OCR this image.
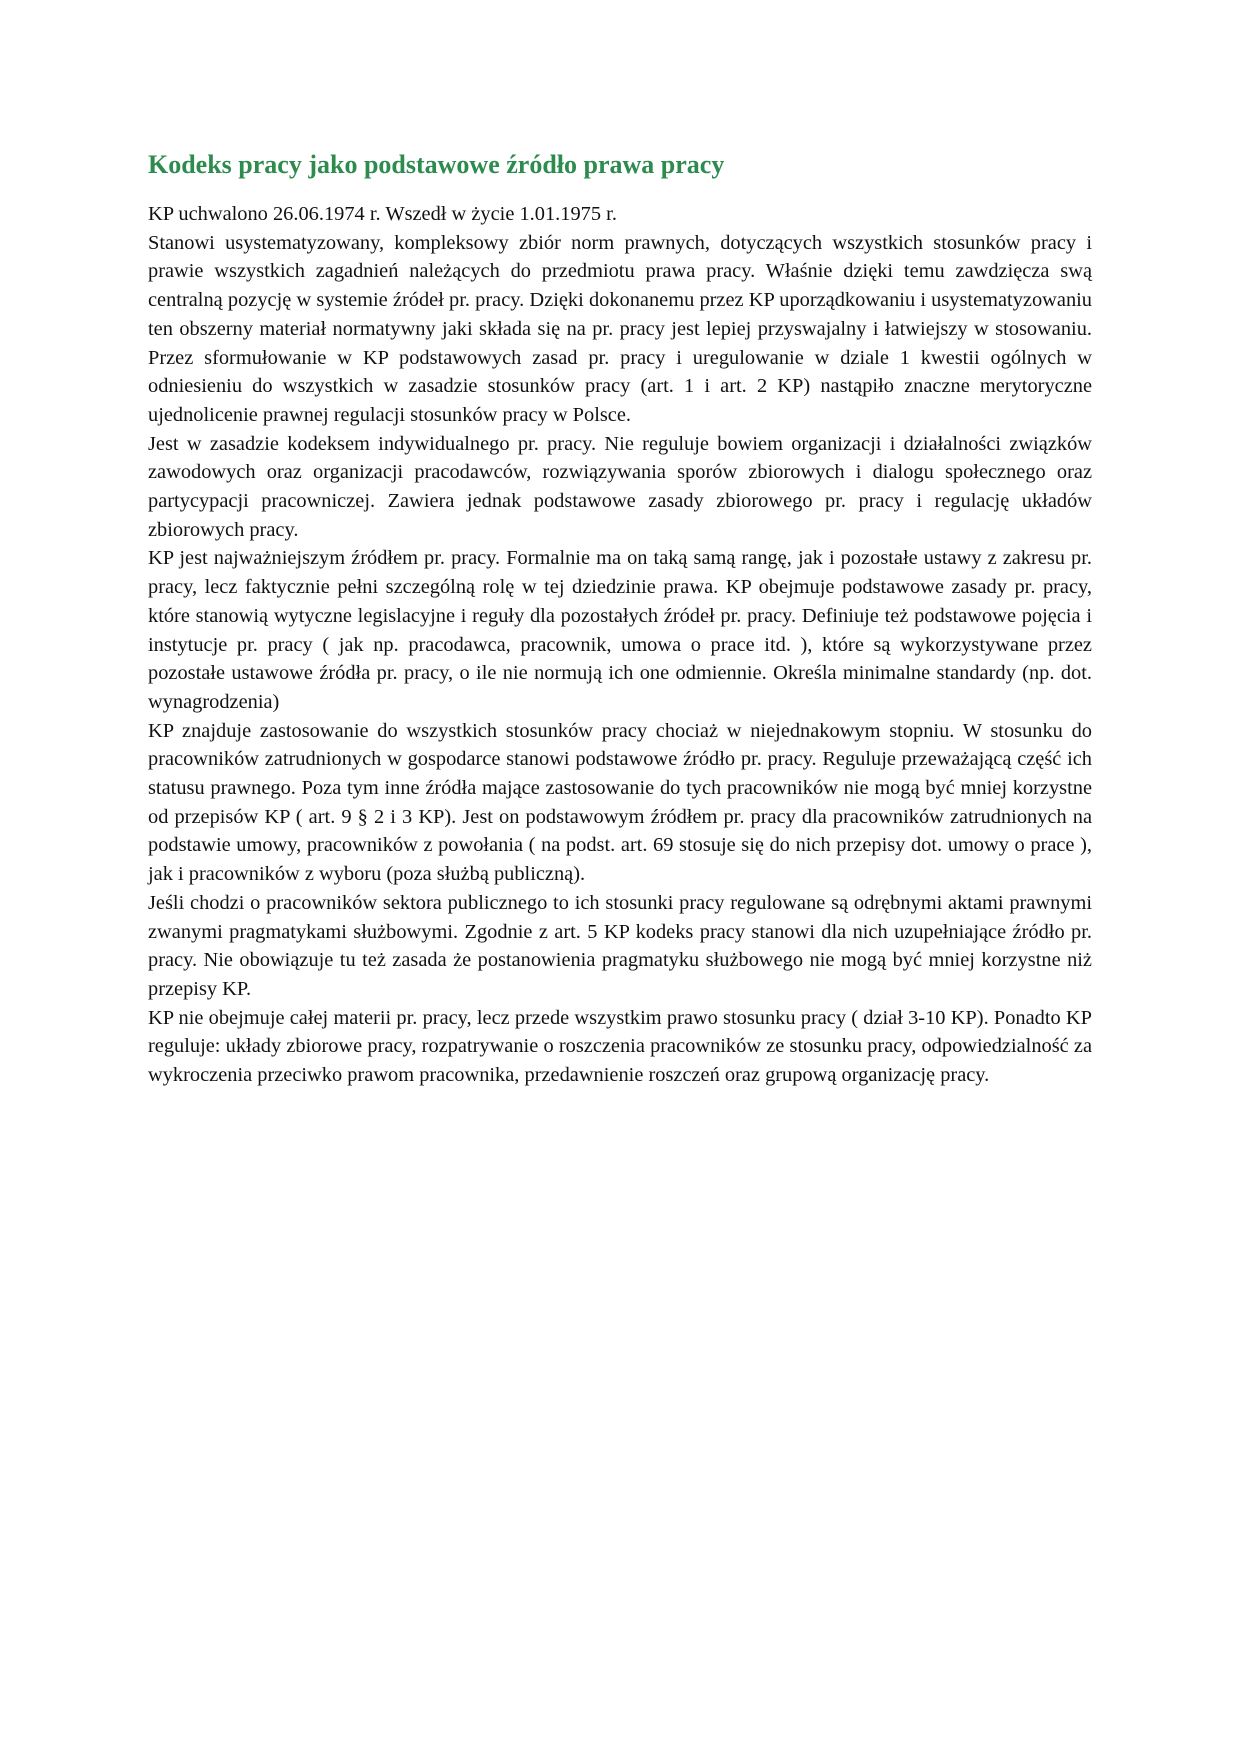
Kodeks pracy jako podstawowe źródło prawa pracy

KP uchwalono 26.06.1974 r. Wszedł w życie 1.01.1975 r.

Stanowi usystematyzowany, kompleksowy zbiór norm prawnych, dotyczących wszystkich stosunków pracy i prawie wszystkich zagadnień należących do przedmiotu prawa pracy. Właśnie dzięki temu zawdzięcza swą centralną pozycję w systemie źródeł pr. pracy. Dzięki dokonanemu przez KP uporządkowaniu i usystematyzowaniu ten obszerny materiał normatywny jaki składa się na pr. pracy jest lepiej przyswajalny i łatwiejszy w stosowaniu. Przez sformułowanie w KP podstawowych zasad pr. pracy i uregulowanie w dziale 1 kwestii ogólnych w odniesieniu do wszystkich w zasadzie stosunków pracy (art. 1 i art. 2 KP) nastąpiło znaczne merytoryczne ujednolicenie prawnej regulacji stosunków pracy w Polsce.

Jest w zasadzie kodeksem indywidualnego pr. pracy. Nie reguluje bowiem organizacji i działalności związków zawodowych oraz organizacji pracodawców, rozwiązywania sporów zbiorowych i dialogu społecznego oraz partycypacji pracowniczej. Zawiera jednak podstawowe zasady zbiorowego pr. pracy i regulację układów zbiorowych pracy.

KP jest najważniejszym źródłem pr. pracy. Formalnie ma on taką samą rangę, jak i pozostałe ustawy z zakresu pr. pracy, lecz faktycznie pełni szczególną rolę w tej dziedzinie prawa. KP obejmuje podstawowe zasady pr. pracy, które stanowią wytyczne legislacyjne i reguły dla pozostałych źródeł pr. pracy. Definiuje też podstawowe pojęcia i instytucje pr. pracy ( jak np. pracodawca, pracownik, umowa o prace itd. ), które są wykorzystywane przez pozostałe ustawowe źródła pr. pracy, o ile nie normują ich one odmiennie. Określa minimalne standardy (np. dot. wynagrodzenia)

KP znajduje zastosowanie do wszystkich stosunków pracy chociaż w niejednakowym stopniu. W stosunku do pracowników zatrudnionych w gospodarce stanowi podstawowe źródło pr. pracy. Reguluje przeważającą część ich statusu prawnego. Poza tym inne źródła mające zastosowanie do tych pracowników nie mogą być mniej korzystne od przepisów KP ( art. 9 § 2 i 3 KP). Jest on podstawowym źródłem pr. pracy dla pracowników zatrudnionych na podstawie umowy, pracowników z powołania ( na podst. art. 69 stosuje się do nich przepisy dot. umowy o prace ), jak i pracowników z wyboru (poza służbą publiczną).

Jeśli chodzi o pracowników sektora publicznego to ich stosunki pracy regulowane są odrębnymi aktami prawnymi zwanymi pragmatykami służbowymi. Zgodnie z art. 5 KP kodeks pracy stanowi dla nich uzupełniające źródło pr. pracy. Nie obowiązuje tu też zasada że postanowienia pragmatyku służbowego nie mogą być mniej korzystne niż przepisy KP.

KP nie obejmuje całej materii pr. pracy, lecz przede wszystkim prawo stosunku pracy ( dział 3-10 KP). Ponadto KP reguluje: układy zbiorowe pracy, rozpatrywanie o roszczenia pracowników ze stosunku pracy, odpowiedzialność za wykroczenia przeciwko prawom pracownika, przedawnienie roszczeń oraz grupową organizację pracy.
